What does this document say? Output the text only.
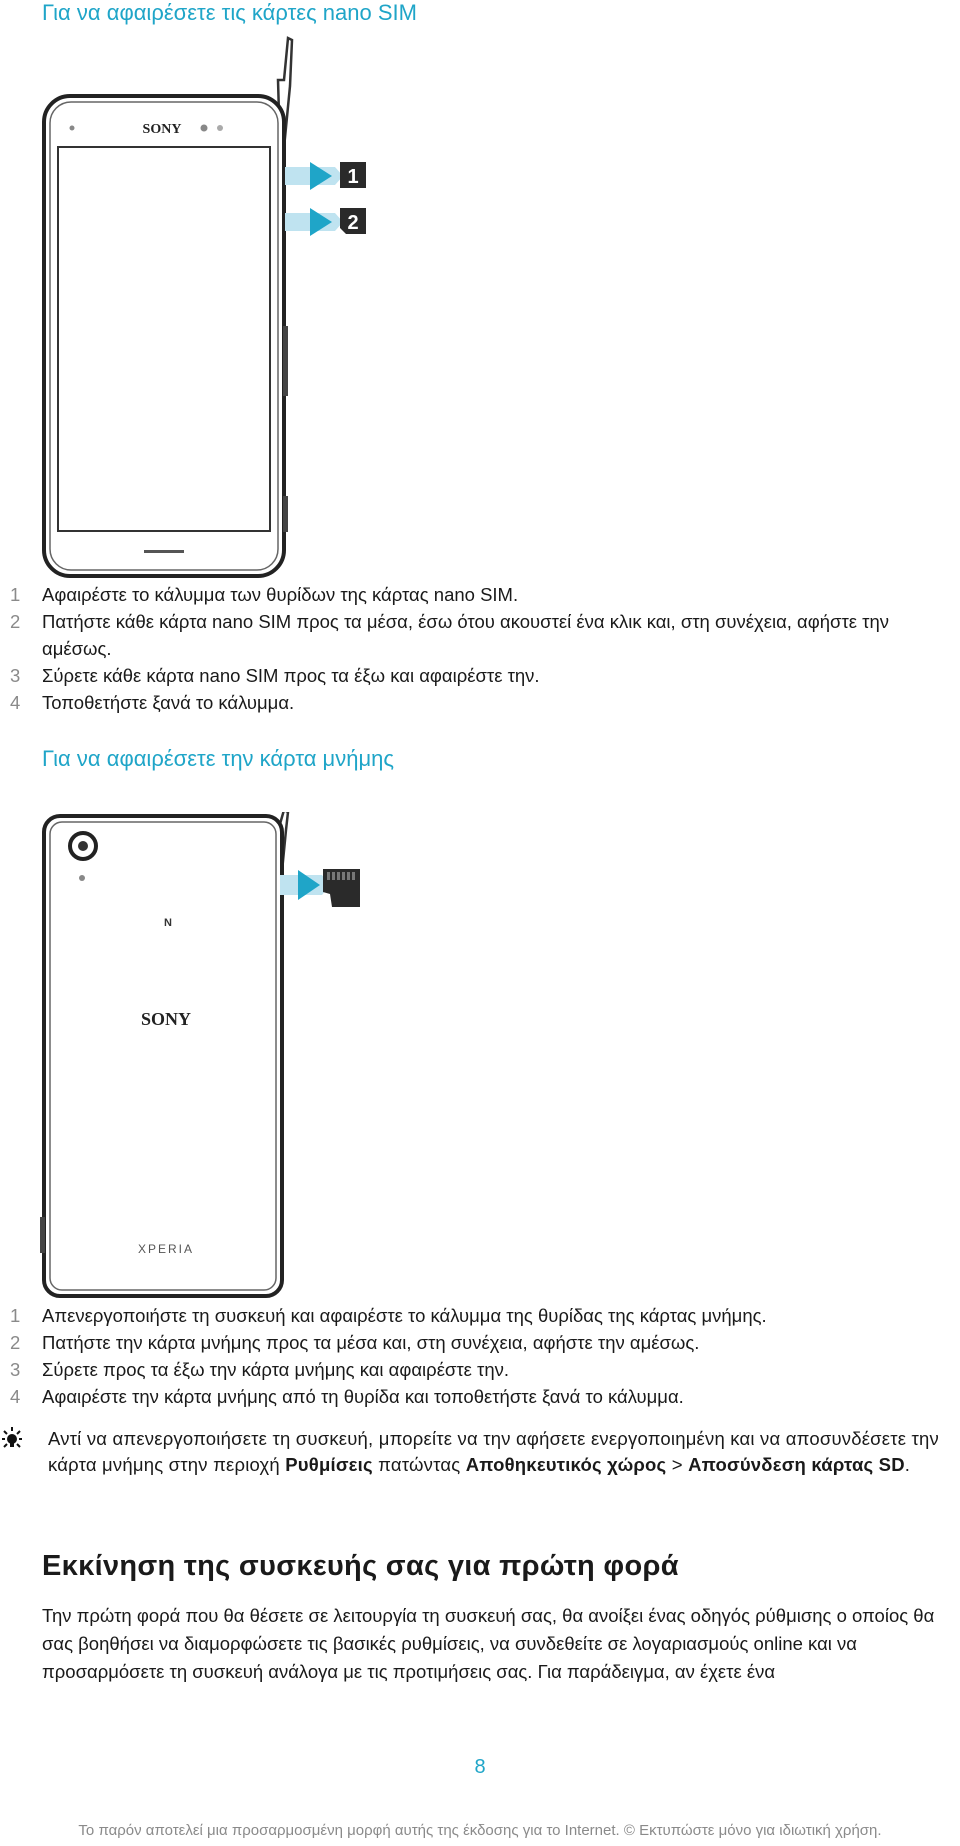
Για να αφαιρέσετε τις κάρτες nano SIM
SONY
1
2
1	Αφαιρέστε το κάλυμμα των θυρίδων της κάρτας nano SIM.
2	Πατήστε κάθε κάρτα nano SIM προς τα μέσα, έσω ότου ακουστεί ένα κλικ και, στη συνέχεια, αφήστε την αμέσως.
3	Σύρετε κάθε κάρτα nano SIM προς τα έξω και αφαιρέστε την.
4	Τοποθετήστε ξανά το κάλυμμα.
Για να αφαιρέσετε την κάρτα μνήμης
N
SONY
XPERIA
1	Απενεργοποιήστε τη συσκευή και αφαιρέστε το κάλυμμα της θυρίδας της κάρτας μνήμης.
2	Πατήστε την κάρτα μνήμης προς τα μέσα και, στη συνέχεια, αφήστε την αμέσως.
3	Σύρετε προς τα έξω την κάρτα μνήμης και αφαιρέστε την.
4	Αφαιρέστε την κάρτα μνήμης από τη θυρίδα και τοποθετήστε ξανά το κάλυμμα.

Αντί να απενεργοποιήσετε τη συσκευή, μπορείτε να την αφήσετε ενεργοποιημένη και να αποσυνδέσετε την κάρτα μνήμης στην περιοχή Ρυθμίσεις πατώντας Αποθηκευτικός χώρος > Αποσύνδεση κάρτας SD.

Εκκίνηση της συσκευής σας για πρώτη φορά

Την πρώτη φορά που θα θέσετε σε λειτουργία τη συσκευή σας, θα ανοίξει ένας οδηγός ρύθμισης ο οποίος θα σας βοηθήσει να διαμορφώσετε τις βασικές ρυθμίσεις, να συνδεθείτε σε λογαριασμούς online και να προσαρμόσετε τη συσκευή ανάλογα με τις προτιμήσεις σας. Για παράδειγμα, αν έχετε ένα

8
Το παρόν αποτελεί μια προσαρμοσμένη μορφή αυτής της έκδοσης για το Internet. © Εκτυπώστε μόνο για ιδιωτική χρήση.
